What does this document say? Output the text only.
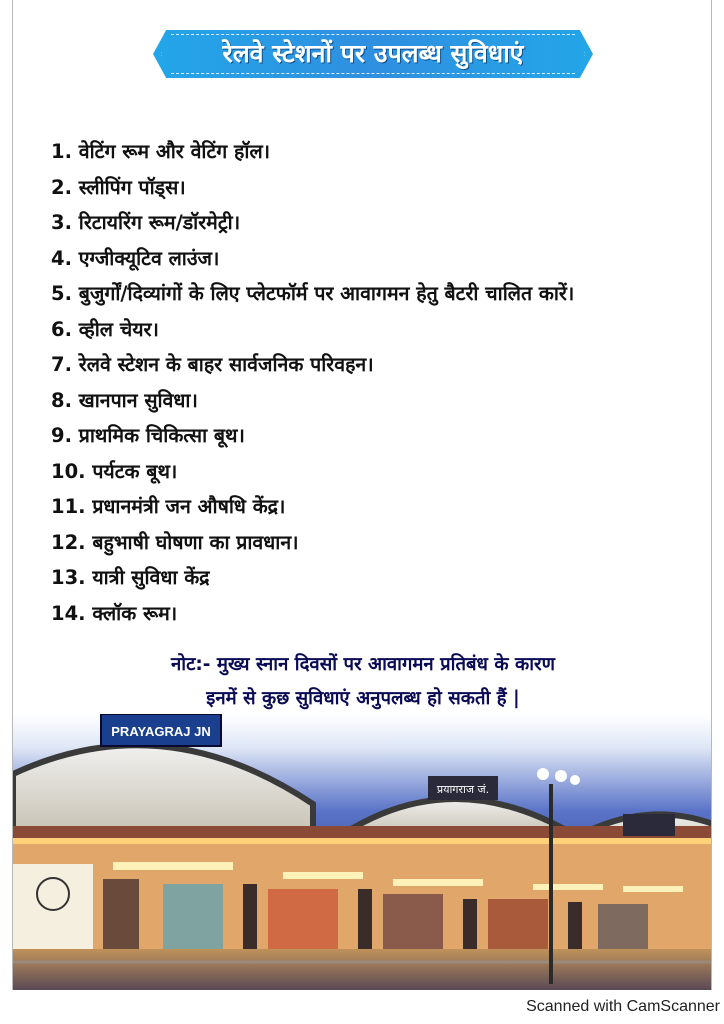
रेलवे स्टेशनों पर उपलब्ध सुविधाएं
1. वेटिंग रूम और वेटिंग हॉल।
2. स्लीपिंग पॉड्स।
3. रिटायरिंग रूम/डॉरमेट्री।
4. एग्जीक्यूटिव लाउंज।
5. बुजुर्गों/दिव्यांगों के लिए प्लेटफॉर्म पर आवागमन हेतु बैटरी चालित कारें।
6. व्हील चेयर।
7. रेलवे स्टेशन के बाहर सार्वजनिक परिवहन।
8. खानपान सुविधा।
9. प्राथमिक चिकित्सा बूथ।
10. पर्यटक बूथ।
11. प्रधानमंत्री जन औषधि केंद्र।
12. बहुभाषी घोषणा का प्रावधान।
13. यात्री सुविधा केंद्र
14. क्लॉक रूम।
नोट:- मुख्य स्नान दिवसों पर आवागमन प्रतिबंध के कारण
इनमें से कुछ सुविधाएं अनुपलब्ध हो सकती हैं |
PRAYAGRAJ JN
प्रयागराज जं.
Scanned with CamScanner
